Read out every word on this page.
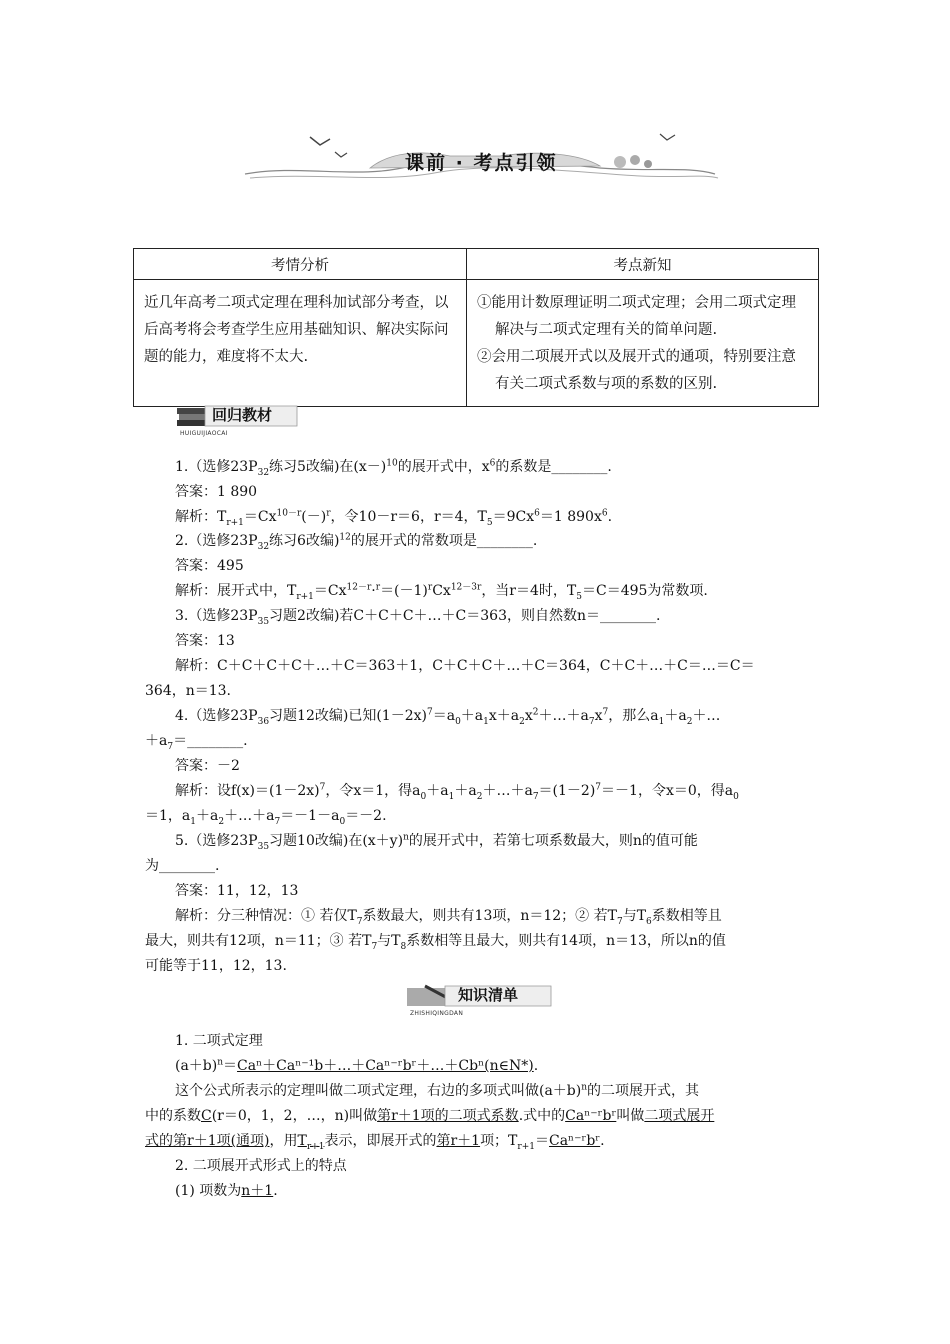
课前 · 考点引领
考情分析	考点新知
近几年高考二项式定理在理科加试部分考查，以后高考将会考查学生应用基础知识、解决实际问题的能力，难度将不太大.	①能用计数原理证明二项式定理；会用二项式定理解决与二项式定理有关的简单问题.
②会用二项展开式以及展开式的通项，特别要注意有关二项式系数与项的系数的区别.
回归教材
HUIGUIJIAOCAI
1.（选修$23P_{32}$练习5改编)在$(x-)^{10}$的展开式中，$x^6$的系数是________.
答案：1 890
解析：$T_{r+1}=Cx^{10-r}(-)^r$，令10－r＝6，r＝4，$T_5=9Cx^6=1$ $890x^6$.
2.（选修$23P_{32}$练习6改编)$^{12}$的展开式的常数项是________.
答案：495
解析：展开式中，$T_{r+1}=Cx^{12-r}\cdot^r=(-1)^rCx^{12-3r}$，当r＝4时，$T_5=C=495$为常数项.
3.（选修$23P_{35}$习题2改编)若C＋C＋C＋…＋C＝363，则自然数n＝________.
答案：13
解析：C＋C＋C＋C＋…＋C＝363＋1，C＋C＋C＋…＋C＝364，C＋C＋…＋C＝…＝C＝
364，n＝13.
4.（选修$23P_{36}$习题12改编)已知$(1-2x)^7=a_0+a_1x+a_2x^2+\dots+a_7x^7$，那么$a_1+a_2+\dots$
$+a_7=\_\_\_\_\_\_\_\_$.
答案：－2
解析：设$f(x)=(1-2x)^7$，令x＝1，得$a_0+a_1+a_2+\dots+a_7=(1-2)^7=-1$，令x＝0，得$a_0$
＝1，$a_1+a_2+\dots+a_7=-1-a_0=-2$.
5.（选修$23P_{35}$习题10改编)在$(x+y)^n$的展开式中，若第七项系数最大，则n的值可能
为________.
答案：11，12，13
解析：分三种情况：① 若仅$T_7$系数最大，则共有13项，n＝12；② 若$T_7$与$T_6$系数相等且
最大，则共有12项，n＝11；③ 若$T_7$与$T_8$系数相等且最大，则共有14项，n＝13，所以n的值
可能等于11，12，13.
知识清单
ZHISHIQINGDAN
1. 二项式定理
$(a+b)^n=Ca^n+Ca^{n-1}b+\dots+Ca^{n-}ʳbʳ+\dots+Cb^n(n\in N*)$.
这个公式所表示的定理叫做二项式定理，右边的多项式叫做$(a+b)^n$的二项展开式，其
中的系数C(r＝0，1，2，…，n)叫做第r＋1项的二项式系数.式中的Caⁿ⁻ʳbʳ叫做二项式展开
式的第r＋1项(通项)，用$T_{r+1}$表示，即展开式的第r＋1项；$T_{r+1}=Ca^{n-}ʳbʳ$.
2. 二项展开式形式上的特点
(1) 项数为n＋1.
